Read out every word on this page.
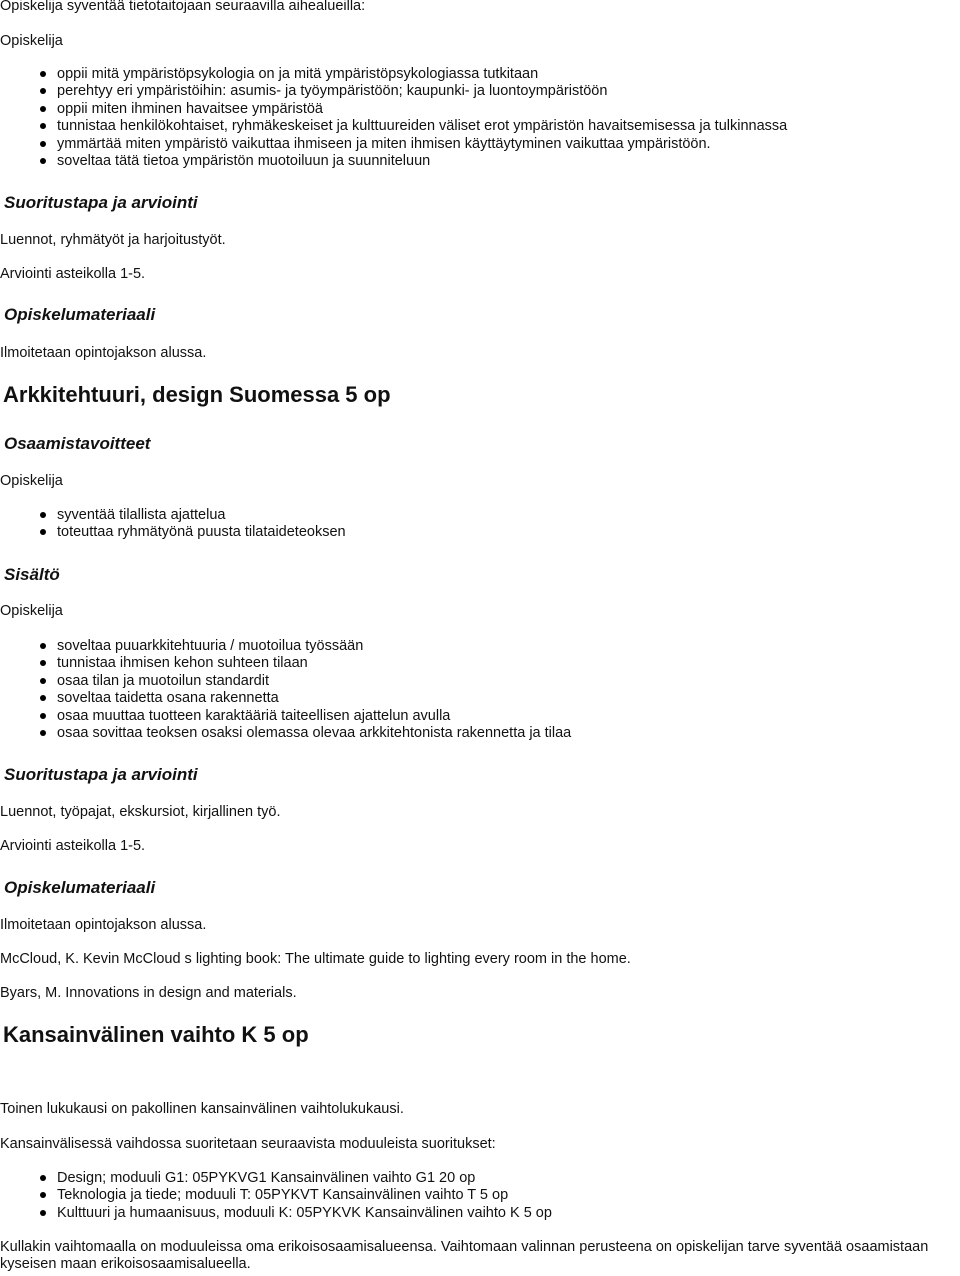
Opiskelija syventää tietotaitojaan seuraavilla aihealueilla:

Opiskelija

oppii mitä ympäristöpsykologia on ja mitä ympäristöpsykologiassa tutkitaan
perehtyy eri ympäristöihin: asumis- ja työympäristöön; kaupunki- ja luontoympäristöön
oppii miten ihminen havaitsee ympäristöä
tunnistaa henkilökohtaiset, ryhmäkeskeiset ja kulttuureiden väliset erot ympäristön havaitsemisessa ja tulkinnassa
ymmärtää miten ympäristö vaikuttaa ihmiseen ja miten ihmisen käyttäytyminen vaikuttaa ympäristöön.
soveltaa tätä tietoa ympäristön muotoiluun ja suunniteluun
Suoritustapa ja arviointi

Luennot, ryhmätyöt ja harjoitustyöt.

Arviointi asteikolla 1-5.

Opiskelumateriaali

Ilmoitetaan opintojakson alussa.

Arkkitehtuuri, design Suomessa 5 op
Osaamistavoitteet

Opiskelija

syventää tilallista ajattelua
toteuttaa ryhmätyönä puusta tilataideteoksen
Sisältö

Opiskelija

soveltaa puuarkkitehtuuria / muotoilua työssään
tunnistaa ihmisen kehon suhteen tilaan
osaa tilan ja muotoilun standardit
soveltaa taidetta osana rakennetta
osaa muuttaa tuotteen karaktääriä taiteellisen ajattelun avulla
osaa sovittaa teoksen osaksi olemassa olevaa arkkitehtonista rakennetta ja tilaa
Suoritustapa ja arviointi

Luennot, työpajat, ekskursiot, kirjallinen työ.

Arviointi asteikolla 1-5.

Opiskelumateriaali

Ilmoitetaan opintojakson alussa.

McCloud, K. Kevin McCloud s lighting book: The ultimate guide to lighting every room in the home.

Byars, M. Innovations in design and materials.

Kansainvälinen vaihto K 5 op

Toinen lukukausi on pakollinen kansainvälinen vaihtolukukausi.

Kansainvälisessä vaihdossa suoritetaan seuraavista moduuleista suoritukset:

Design; moduuli G1: 05PYKVG1 Kansainvälinen vaihto G1 20 op
Teknologia ja tiede; moduuli T: 05PYKVT Kansainvälinen vaihto T 5 op
Kulttuuri ja humaanisuus, moduuli K: 05PYKVK Kansainvälinen vaihto K 5 op

Kullakin vaihtomaalla on moduuleissa oma erikoisosaamisalueensa. Vaihtomaan valinnan perusteena on opiskelijan tarve syventää osaamistaan kyseisen maan erikoisosaamisalueella.
